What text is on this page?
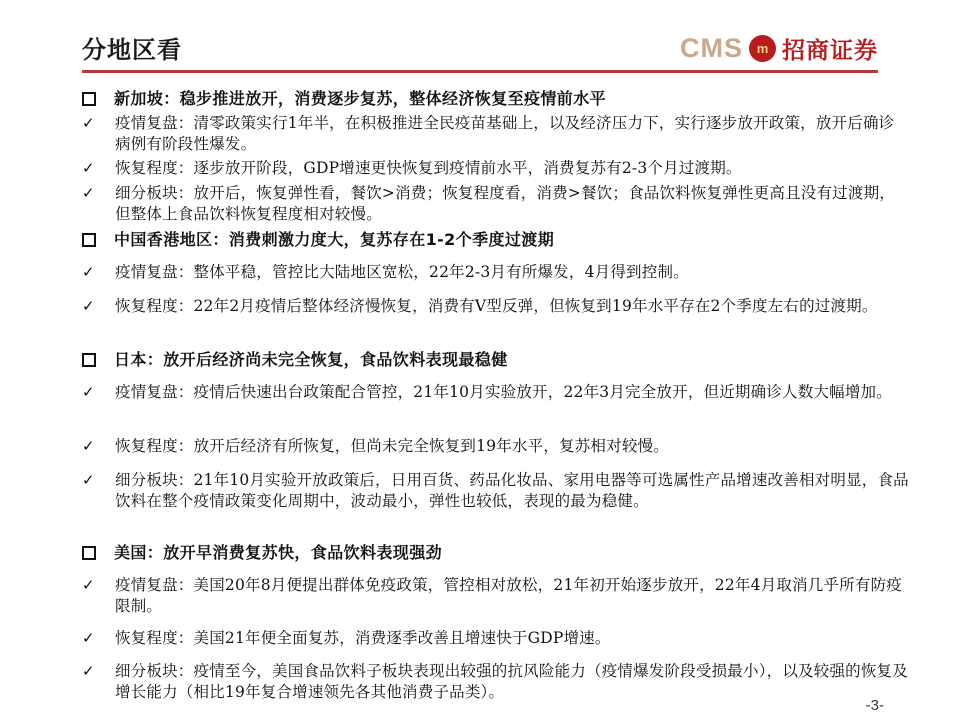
分地区看	CMS	m 招商证券
新加坡：稳步推进放开，消费逐步复苏，整体经济恢复至疫情前水平
✓ 疫情复盘：清零政策实行1年半，在积极推进全民疫苗基础上，以及经济压力下，实行逐步放开政策，放开后确诊病例有阶段性爆发。
✓ 恢复程度：逐步放开阶段，GDP增速更快恢复到疫情前水平，消费复苏有2-3个月过渡期。
✓ 细分板块：放开后，恢复弹性看，餐饮>消费；恢复程度看，消费>餐饮；食品饮料恢复弹性更高且没有过渡期，但整体上食品饮料恢复程度相对较慢。
中国香港地区：消费刺激力度大，复苏存在1-2个季度过渡期
✓ 疫情复盘：整体平稳，管控比大陆地区宽松，22年2-3月有所爆发，4月得到控制。
✓ 恢复程度：22年2月疫情后整体经济慢恢复，消费有V型反弹，但恢复到19年水平存在2个季度左右的过渡期。
日本：放开后经济尚未完全恢复，食品饮料表现最稳健
✓ 疫情复盘：疫情后快速出台政策配合管控，21年10月实验放开，22年3月完全放开，但近期确诊人数大幅增加。
✓ 恢复程度：放开后经济有所恢复，但尚未完全恢复到19年水平，复苏相对较慢。
✓ 细分板块：21年10月实验开放政策后，日用百货、药品化妆品、家用电器等可选属性产品增速改善相对明显，食品饮料在整个疫情政策变化周期中，波动最小，弹性也较低，表现的最为稳健。
美国：放开早消费复苏快，食品饮料表现强劲
✓ 疫情复盘：美国20年8月便提出群体免疫政策，管控相对放松，21年初开始逐步放开，22年4月取消几乎所有防疫限制。
✓ 恢复程度：美国21年便全面复苏，消费逐季改善且增速快于GDP增速。
✓ 细分板块：疫情至今，美国食品饮料子板块表现出较强的抗风险能力（疫情爆发阶段受损最小），以及较强的恢复及增长能力（相比19年复合增速领先各其他消费子品类）。
-3-
